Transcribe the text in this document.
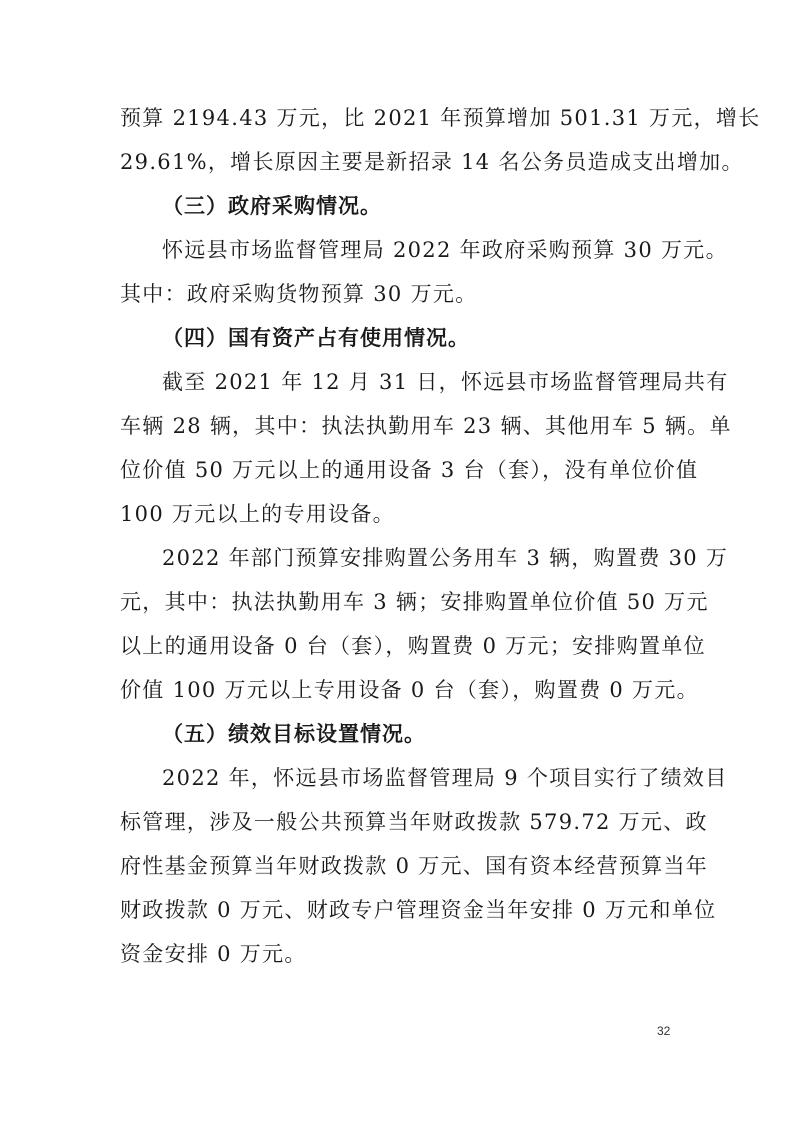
预算 2194.43 万元，比 2021 年预算增加 501.31 万元，增长
29.61%，增长原因主要是新招录 14 名公务员造成支出增加。
（三）政府采购情况。
怀远县市场监督管理局 2022 年政府采购预算 30 万元。
其中：政府采购货物预算 30 万元。
（四）国有资产占有使用情况。
截至 2021 年 12 月 31 日，怀远县市场监督管理局共有
车辆 28 辆，其中：执法执勤用车 23 辆、其他用车 5 辆。单
位价值 50 万元以上的通用设备 3 台（套），没有单位价值
100 万元以上的专用设备。
2022 年部门预算安排购置公务用车 3 辆，购置费 30 万
元，其中：执法执勤用车 3 辆；安排购置单位价值 50 万元
以上的通用设备 0 台（套），购置费 0 万元；安排购置单位
价值 100 万元以上专用设备 0 台（套），购置费 0 万元。
（五）绩效目标设置情况。
2022 年，怀远县市场监督管理局 9 个项目实行了绩效目
标管理，涉及一般公共预算当年财政拨款 579.72 万元、政
府性基金预算当年财政拨款 0 万元、国有资本经营预算当年
财政拨款 0 万元、财政专户管理资金当年安排 0 万元和单位
资金安排 0 万元。
32
